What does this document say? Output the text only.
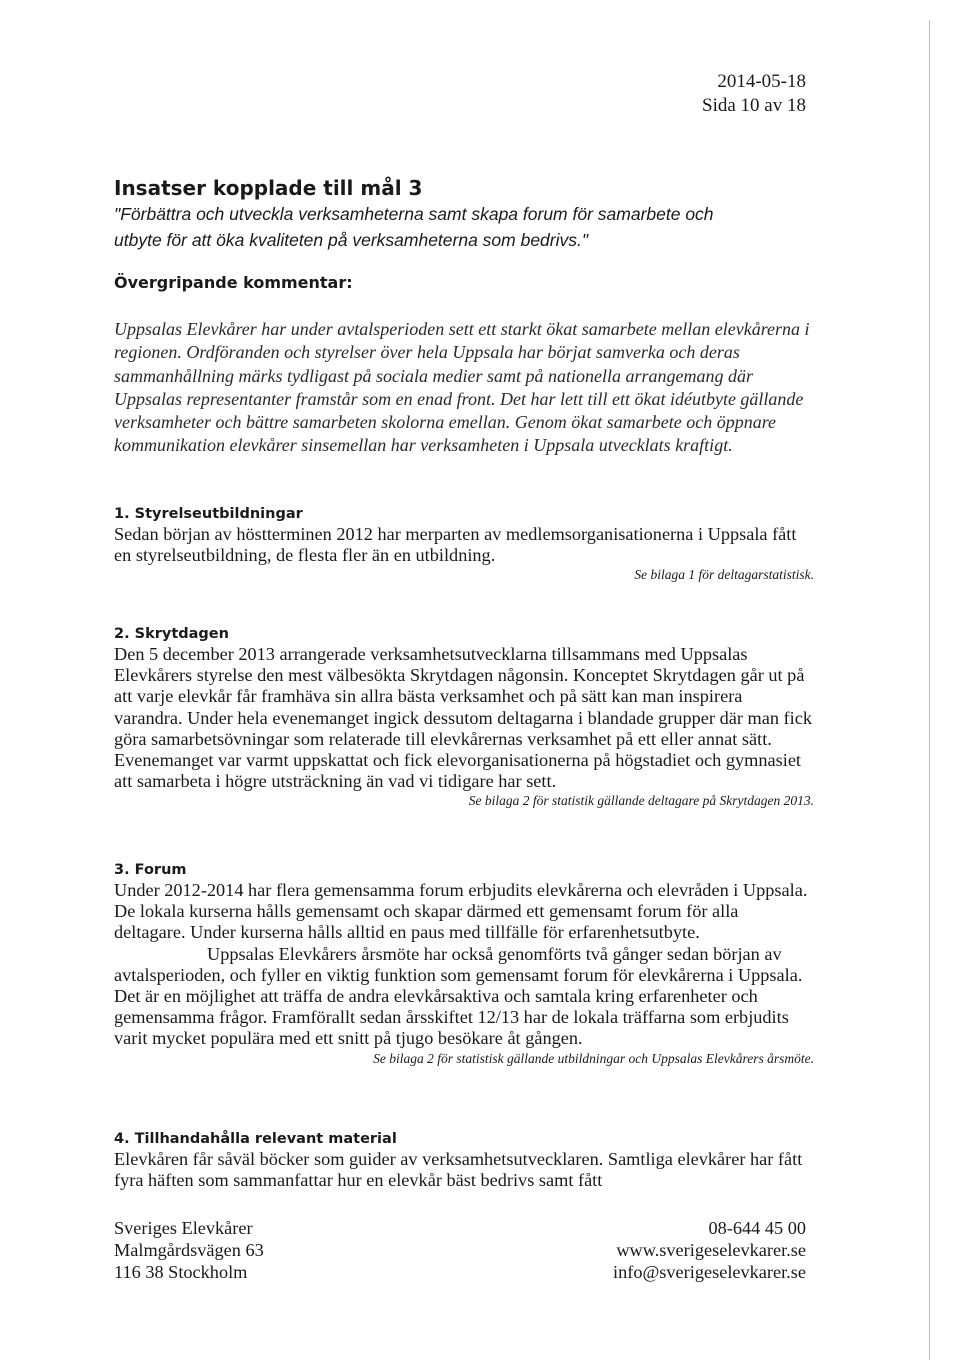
2014-05-18
Sida 10 av 18
Insatser kopplade till mål 3

"Förbättra och utveckla verksamheterna samt skapa forum för samarbete och
utbyte för att öka kvaliteten på verksamheterna som bedrivs."

Övergripande kommentar:

Uppsalas Elevkårer har under avtalsperioden sett ett starkt ökat samarbete mellan elevkårerna i regionen. Ordföranden och styrelser över hela Uppsala har börjat samverka och deras sammanhållning märks tydligast på sociala medier samt på nationella arrangemang där Uppsalas representanter framstår som en enad front. Det har lett till ett ökat idéutbyte gällande verksamheter och bättre samarbeten skolorna emellan. Genom ökat samarbete och öppnare kommunikation elevkårer sinsemellan har verksamheten i Uppsala utvecklats kraftigt.

1. Styrelseutbildningar

Sedan början av höstterminen 2012 har merparten av medlemsorganisationerna i Uppsala fått en styrelseutbildning, de flesta fler än en utbildning.

Se bilaga 1 för deltagarstatistisk.

2. Skrytdagen

Den 5 december 2013 arrangerade verksamhetsutvecklarna tillsammans med Uppsalas Elevkårers styrelse den mest välbesökta Skrytdagen någonsin. Konceptet Skrytdagen går ut på att varje elevkår får framhäva sin allra bästa verksamhet och på sätt kan man inspirera varandra. Under hela evenemanget ingick dessutom deltagarna i blandade grupper där man fick göra samarbetsövningar som relaterade till elevkårernas verksamhet på ett eller annat sätt. Evenemanget var varmt uppskattat och fick elevorganisationerna på högstadiet och gymnasiet att samarbeta i högre utsträckning än vad vi tidigare har sett.

Se bilaga 2 för statistik gällande deltagare på Skrytdagen 2013.

3. Forum

Under 2012-2014 har flera gemensamma forum erbjudits elevkårerna och elevråden i Uppsala. De lokala kurserna hålls gemensamt och skapar därmed ett gemensamt forum för alla deltagare. Under kurserna hålls alltid en paus med tillfälle för erfarenhetsutbyte.

Uppsalas Elevkårers årsmöte har också genomförts två gånger sedan början av avtalsperioden, och fyller en viktig funktion som gemensamt forum för elevkårerna i Uppsala. Det är en möjlighet att träffa de andra elevkårsaktiva och samtala kring erfarenheter och gemensamma frågor. Framförallt sedan årsskiftet 12/13 har de lokala träffarna som erbjudits varit mycket populära med ett snitt på tjugo besökare åt gången.

Se bilaga 2 för statistisk gällande utbildningar och Uppsalas Elevkårers årsmöte.

4. Tillhandahålla relevant material

Elevkåren får såväl böcker som guider av verksamhetsutvecklaren. Samtliga elevkårer har fått fyra häften som sammanfattar hur en elevkår bäst bedrivs samt fått

Sveriges Elevkårer
Malmgårdsvägen 63
116 38 Stockholm
08-644 45 00
www.sverigeselevkarer.se
info@sverigeselevkarer.se
